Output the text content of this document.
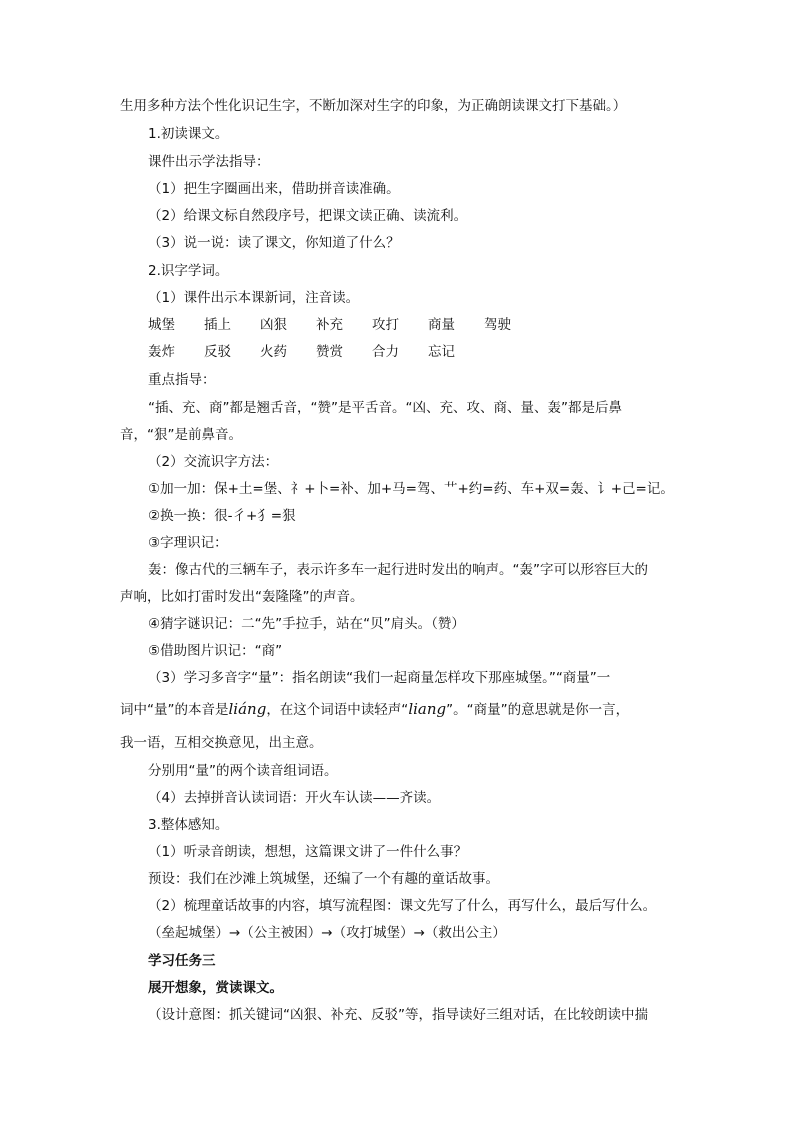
生用多种方法个性化识记生字，不断加深对生字的印象，为正确朗读课文打下基础。）
1.初读课文。
课件出示学法指导：
（1）把生字圈画出来，借助拼音读准确。
（2）给课文标自然段序号，把课文读正确、读流利。
（3）说一说：读了课文，你知道了什么？
2.识字学词。
（1）课件出示本课新词，注音读。
城堡 插上 凶狠 补充 攻打 商量 驾驶
轰炸 反驳 火药 赞赏 合力 忘记
重点指导：
“插、充、商”都是翘舌音，“赞”是平舌音。“凶、充、攻、商、量、轰”都是后鼻
音，“狠”是前鼻音。
（2）交流识字方法：
①加一加：保+土=堡、礻+卜=补、加+马=驾、艹+约=药、车+双=轰、讠+己=记。
②换一换：很-彳+犭=狠
③字理识记：
轰：像古代的三辆车子，表示许多车一起行进时发出的响声。“轰”字可以形容巨大的
声响，比如打雷时发出“轰隆隆”的声音。
④猜字谜识记：二“先”手拉手，站在“贝”肩头。（赞）
⑤借助图片识记：“商”
（3）学习多音字“量”：指名朗读“我们一起商量怎样攻下那座城堡。”“商量”一
词中“量”的本音是liáng，在这个词语中读轻声“liang”。“商量”的意思就是你一言，
我一语，互相交换意见，出主意。
分别用“量”的两个读音组词语。
（4）去掉拼音认读词语：开火车认读——齐读。
3.整体感知。
（1）听录音朗读，想想，这篇课文讲了一件什么事？
预设：我们在沙滩上筑城堡，还编了一个有趣的童话故事。
（2）梳理童话故事的内容，填写流程图：课文先写了什么，再写什么，最后写什么。
（垒起城堡）→（公主被困）→（攻打城堡）→（救出公主）
学习任务三
展开想象，赏读课文。
（设计意图：抓关键词“凶狠、补充、反驳”等，指导读好三组对话，在比较朗读中揣
